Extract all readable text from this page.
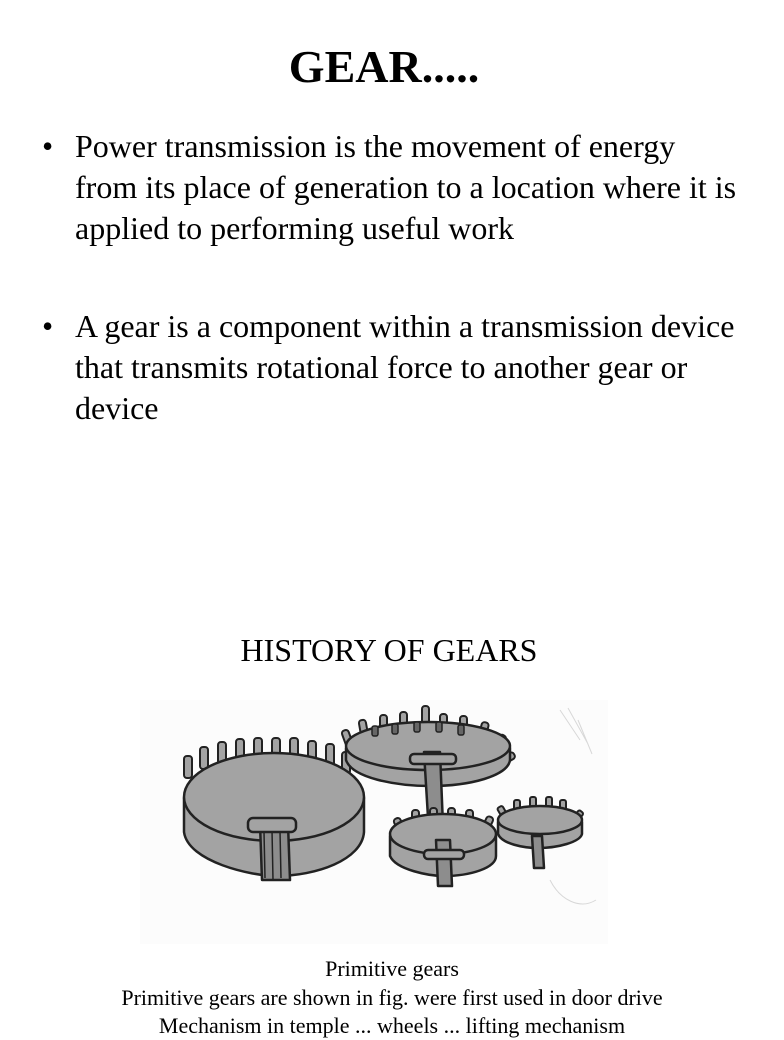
GEAR.....
• Power transmission is the movement of energy from its place of generation to a location where it is applied to performing useful work
• A gear is a component within a transmission device that transmits rotational force to another gear or device
HISTORY OF GEARS
Primitive gears
Primitive gears are shown in fig. were first used in door drive
Mechanism in temple ... wheels ... lifting mechanism
